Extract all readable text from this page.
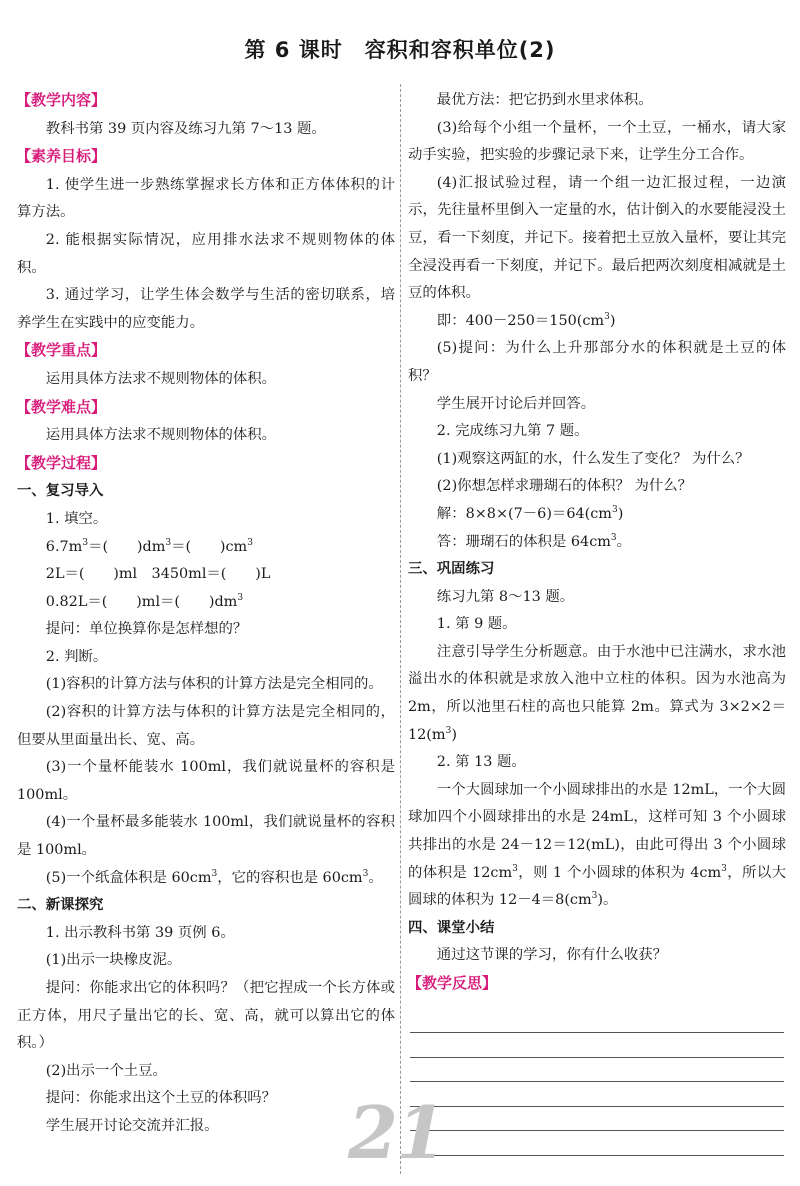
第 6 课时　容积和容积单位(2)
【教学内容】

教科书第 39 页内容及练习九第 7～13 题。

【素养目标】

1. 使学生进一步熟练掌握求长方体和正方体体积的计算方法。

2. 能根据实际情况，应用排水法求不规则物体的体积。

3. 通过学习，让学生体会数学与生活的密切联系，培养学生在实践中的应变能力。

【教学重点】

运用具体方法求不规则物体的体积。

【教学难点】

运用具体方法求不规则物体的体积。

【教学过程】
一、复习导入

1. 填空。

$6.7m^3=$(　　)$dm^3=$(　　)$cm^3$

2L＝(　　)ml　3450ml＝(　　)L

0.82L＝(　　)ml＝(　　)$dm^3$

提问：单位换算你是怎样想的？

2. 判断。

(1)容积的计算方法与体积的计算方法是完全相同的。

(2)容积的计算方法与体积的计算方法是完全相同的，但要从里面量出长、宽、高。

(3)一个量杯能装水 100ml，我们就说量杯的容积是 100ml。

(4)一个量杯最多能装水 100ml，我们就说量杯的容积是 100ml。

(5)一个纸盒体积是 $60cm^3$，它的容积也是 $60cm^3$。

二、新课探究

1. 出示教科书第 39 页例 6。

(1)出示一块橡皮泥。

提问：你能求出它的体积吗？（把它捏成一个长方体或正方体，用尺子量出它的长、宽、高，就可以算出它的体积。）

(2)出示一个土豆。

提问：你能求出这个土豆的体积吗？

学生展开讨论交流并汇报。

最优方法：把它扔到水里求体积。

(3)给每个小组一个量杯，一个土豆，一桶水，请大家动手实验，把实验的步骤记录下来，让学生分工合作。

(4)汇报试验过程，请一个组一边汇报过程，一边演示，先往量杯里倒入一定量的水，估计倒入的水要能浸没土豆，看一下刻度，并记下。接着把土豆放入量杯，要让其完全浸没再看一下刻度，并记下。最后把两次刻度相减就是土豆的体积。

即：$400-250=150(cm^3)$

(5)提问：为什么上升那部分水的体积就是土豆的体积？

学生展开讨论后并回答。

2. 完成练习九第 7 题。

(1)观察这两缸的水，什么发生了变化？ 为什么？

(2)你想怎样求珊瑚石的体积？ 为什么？

解：$8\times 8\times(7-6)=64(cm^3)$

答：珊瑚石的体积是 $64cm^3$。

三、巩固练习

练习九第 8～13 题。

1. 第 9 题。

注意引导学生分析题意。由于水池中已注满水，求水池溢出水的体积就是求放入池中立柱的体积。因为水池高为 2m，所以池里石柱的高也只能算 2m。算式为 $3\times 2\times 2=12(m^3)$

2. 第 13 题。

一个大圆球加一个小圆球排出的水是 12mL，一个大圆球加四个小圆球排出的水是 24mL，这样可知 3 个小圆球共排出的水是 24－12＝12(mL)，由此可得出 3 个小圆球的体积是 $12cm^3$，则 1 个小圆球的体积为 $4cm^3$，所以大圆球的体积为 $12-4=8(cm^3)$。

四、课堂小结

通过这节课的学习，你有什么收获？

【教学反思】
21
